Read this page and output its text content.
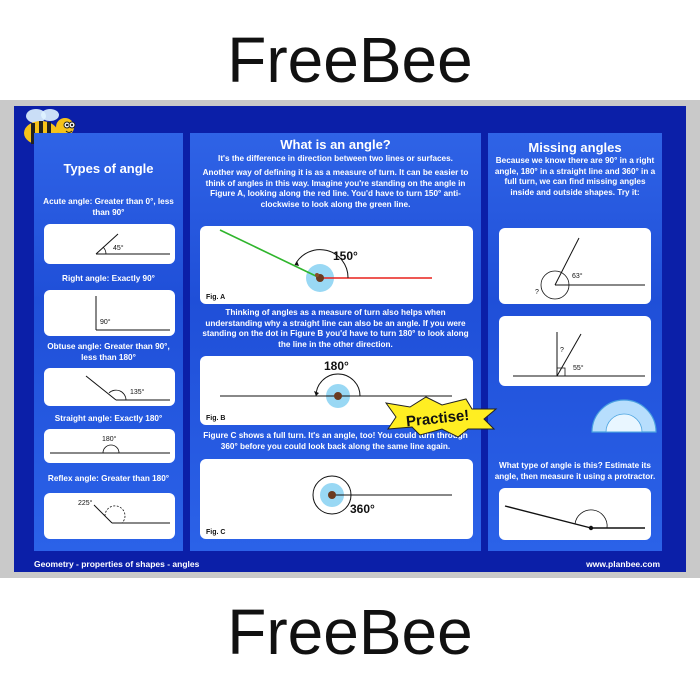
FreeBee
Types of angle
Acute angle: Greater than 0°, less than 90°
45°
Right angle: Exactly 90°
90°
Obtuse angle: Greater than 90°, less than 180°
135°
Straight angle: Exactly 180°
180°
Reflex angle: Greater than 180°
225°
What is an angle?
It's the difference in direction between two lines or surfaces.
Another way of defining it is as a measure of turn. It can be easier to think of angles in this way. Imagine you're standing on the angle in Figure A, looking along the red line. You'd have to turn 150° anti-clockwise to look along the green line.
150°
Fig. A
Thinking of angles as a measure of turn also helps when understanding why a straight line can also be an angle. If you were standing on the dot in Figure B you'd have to turn 180° to look along the line in the other direction.
180°
Fig. B
Figure C shows a full turn. It's an angle, too! You could turn through 360° before you could look back along the same line again.
360°
Fig. C
Missing angles
Because we know there are 90° in a right angle, 180° in a straight line and 360° in a full turn, we can find missing angles inside and outside shapes. Try it:
63°
?
?
55°
Practise!
What type of angle is this? Estimate its angle, then measure it using a protractor.
Geometry - properties of shapes - angles	www.planbee.com
FreeBee
